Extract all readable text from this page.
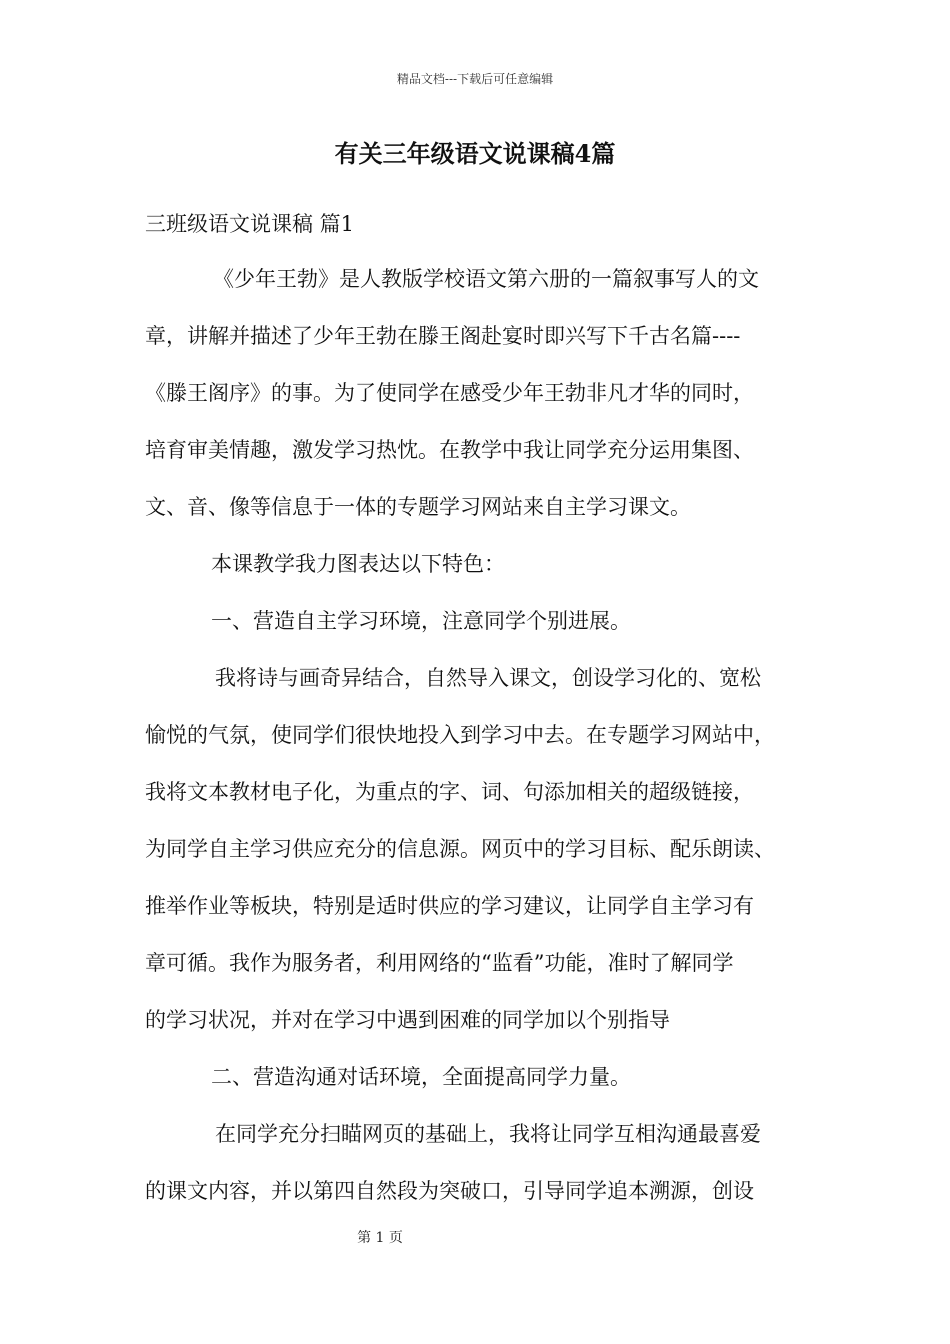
精品文档---下载后可任意编辑
有关三年级语文说课稿4篇
三班级语文说课稿 篇1
《少年王勃》是人教版学校语文第六册的一篇叙事写人的文
章，讲解并描述了少年王勃在滕王阁赴宴时即兴写下千古名篇----
《滕王阁序》的事。为了使同学在感受少年王勃非凡才华的同时，
培育审美情趣，激发学习热忱。在教学中我让同学充分运用集图、
文、音、像等信息于一体的专题学习网站来自主学习课文。
本课教学我力图表达以下特色：
一、营造自主学习环境，注意同学个别进展。
我将诗与画奇异结合，自然导入课文，创设学习化的、宽松
愉悦的气氛，使同学们很快地投入到学习中去。在专题学习网站中，
我将文本教材电子化，为重点的字、词、句添加相关的超级链接，
为同学自主学习供应充分的信息源。网页中的学习目标、配乐朗读、
推举作业等板块，特别是适时供应的学习建议，让同学自主学习有
章可循。我作为服务者，利用网络的“监看”功能，准时了解同学
的学习状况，并对在学习中遇到困难的同学加以个别指导
二、营造沟通对话环境，全面提高同学力量。
在同学充分扫瞄网页的基础上，我将让同学互相沟通最喜爱
的课文内容，并以第四自然段为突破口，引导同学追本溯源，创设
第 1 页
